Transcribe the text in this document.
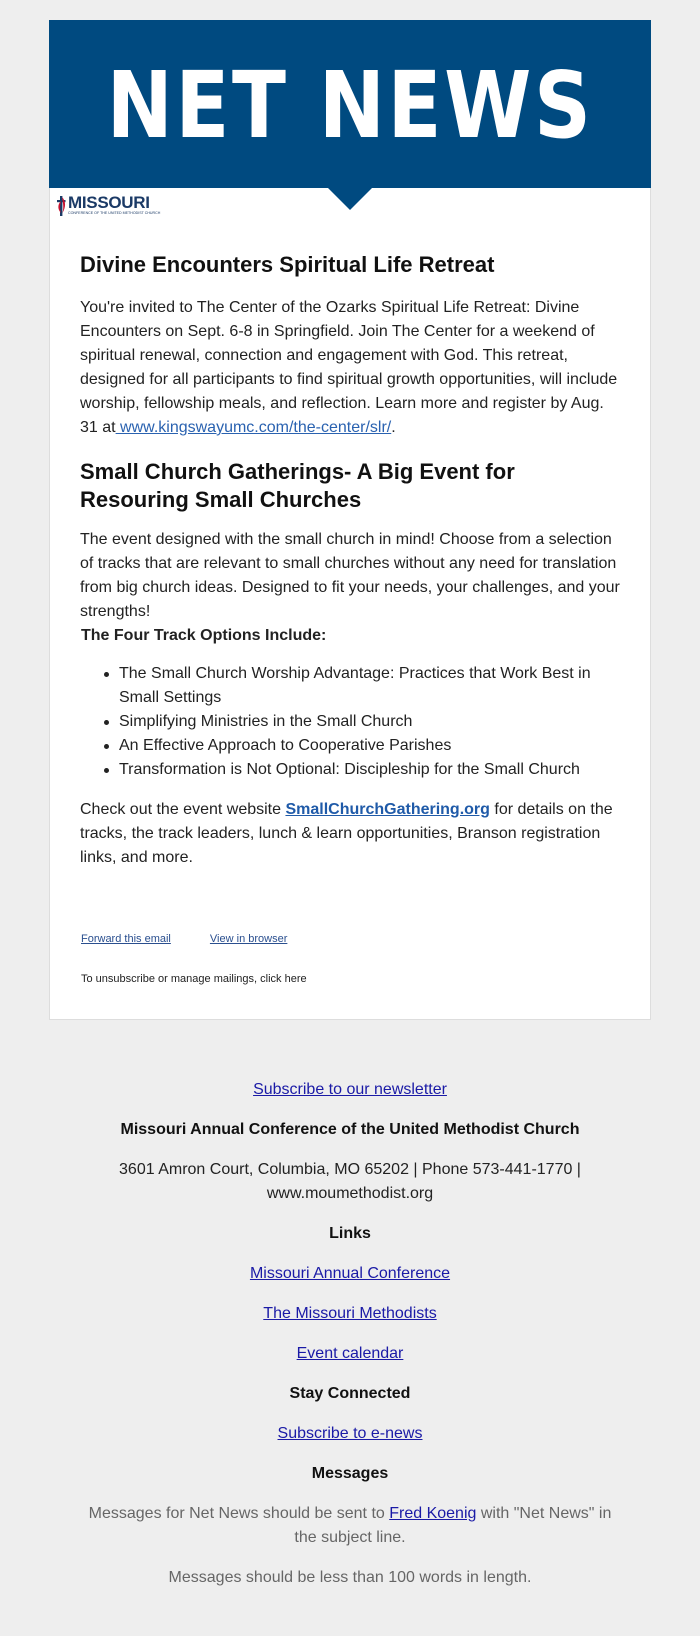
NET NEWS
MISSOURI
CONFERENCE OF THE UNITED METHODIST CHURCH
Divine Encounters Spiritual Life Retreat

You're invited to The Center of the Ozarks Spiritual Life Retreat: Divine Encounters on Sept. 6-8 in Springfield. Join The Center for a weekend of spiritual renewal, connection and engagement with God. This retreat, designed for all participants to find spiritual growth opportunities, will include worship, fellowship meals, and reflection. Learn more and register by Aug. 31 at www.kingswayumc.com/the-center/slr/.

Small Church Gatherings- A Big Event for Resouring Small Churches

The event designed with the small church in mind! Choose from a selection of tracks that are relevant to small churches without any need for translation from big church ideas. Designed to fit your needs, your challenges, and your strengths!

The Four Track Options Include:

The Small Church Worship Advantage: Practices that Work Best in Small Settings
Simplifying Ministries in the Small Church
An Effective Approach to Cooperative Parishes
Transformation is Not Optional: Discipleship for the Small Church

Check out the event website SmallChurchGathering.org for details on the tracks, the track leaders, lunch & learn opportunities, Branson registration links, and more.

Forward this email	View in browser
To unsubscribe or manage mailings, click here
Subscribe to our newsletter
Missouri Annual Conference of the United Methodist Church
3601 Amron Court, Columbia, MO 65202 | Phone 573-441-1770 | www.moumethodist.org
Links
Missouri Annual Conference
The Missouri Methodists
Event calendar
Stay Connected
Subscribe to e-news
Messages
Messages for Net News should be sent to Fred Koenig with "Net News" in the subject line.
Messages should be less than 100 words in length.
